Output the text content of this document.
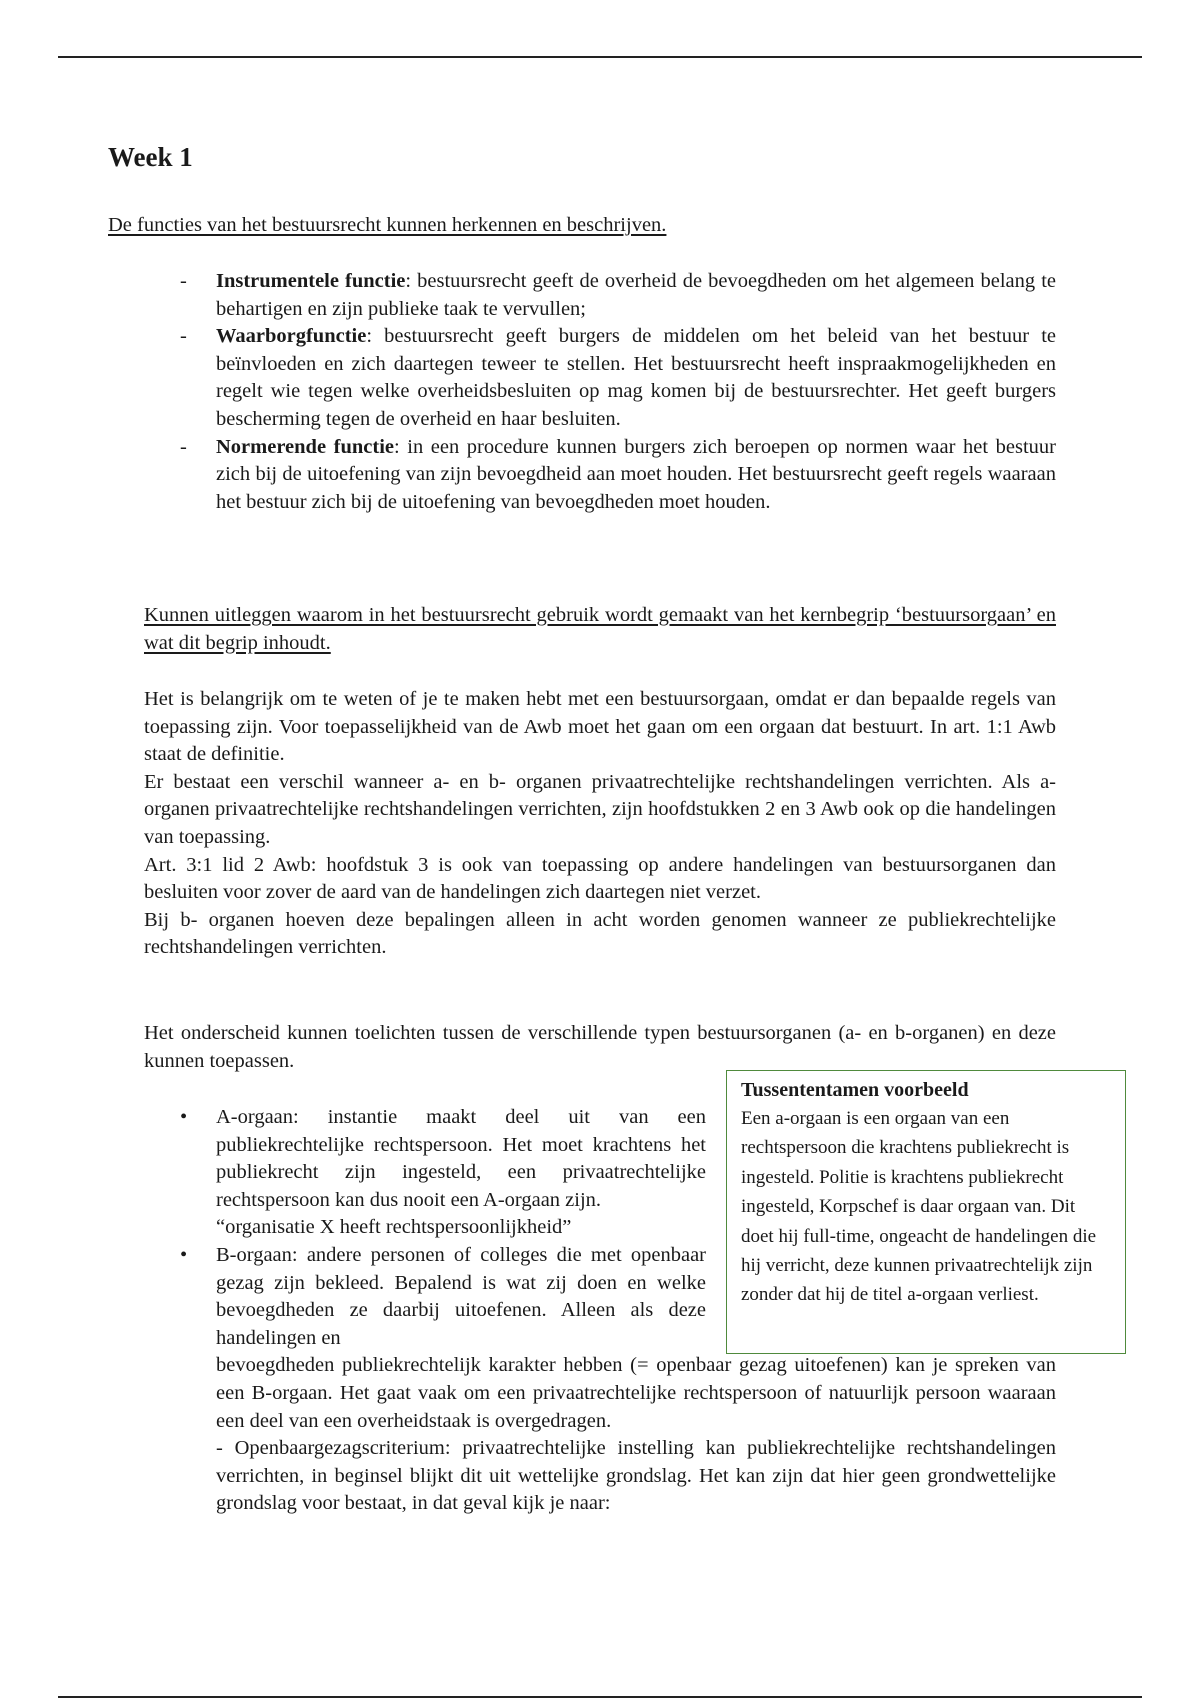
Week 1

De functies van het bestuursrecht kunnen herkennen en beschrijven.

- Instrumentele functie: bestuursrecht geeft de overheid de bevoegdheden om het algemeen belang te behartigen en zijn publieke taak te vervullen;
- Waarborgfunctie: bestuursrecht geeft burgers de middelen om het beleid van het bestuur te beïnvloeden en zich daartegen teweer te stellen. Het bestuursrecht heeft inspraakmogelijkheden en regelt wie tegen welke overheidsbesluiten op mag komen bij de bestuursrechter. Het geeft burgers bescherming tegen de overheid en haar besluiten.
- Normerende functie: in een procedure kunnen burgers zich beroepen op normen waar het bestuur zich bij de uitoefening van zijn bevoegdheid aan moet houden. Het bestuursrecht geeft regels waaraan het bestuur zich bij de uitoefening van bevoegdheden moet houden.

Kunnen uitleggen waarom in het bestuursrecht gebruik wordt gemaakt van het kernbegrip ‘bestuursorgaan’ en wat dit begrip inhoudt.

Het is belangrijk om te weten of je te maken hebt met een bestuursorgaan, omdat er dan bepaalde regels van toepassing zijn. Voor toepasselijkheid van de Awb moet het gaan om een orgaan dat bestuurt. In art. 1:1 Awb staat de definitie.

Er bestaat een verschil wanneer a- en b- organen privaatrechtelijke rechtshandelingen verrichten. Als a-organen privaatrechtelijke rechtshandelingen verrichten, zijn hoofdstukken 2 en 3 Awb ook op die handelingen van toepassing.

Art. 3:1 lid 2 Awb: hoofdstuk 3 is ook van toepassing op andere handelingen van bestuursorganen dan besluiten voor zover de aard van de handelingen zich daartegen niet verzet.

Bij b- organen hoeven deze bepalingen alleen in acht worden genomen wanneer ze publiekrechtelijke rechtshandelingen verrichten.

Het onderscheid kunnen toelichten tussen de verschillende typen bestuursorganen (a- en b-organen) en deze kunnen toepassen.

• A-orgaan: instantie maakt deel uit van een publiekrechtelijke rechtspersoon. Het moet krachtens het publiekrecht zijn ingesteld, een privaatrechtelijke rechtspersoon kan dus nooit een A-orgaan zijn.

“organisatie X heeft rechtspersoonlijkheid”

• B-orgaan: andere personen of colleges die met openbaar gezag zijn bekleed. Bepalend is wat zij doen en welke bevoegdheden ze daarbij uitoefenen. Alleen als deze handelingen en

bevoegdheden publiekrechtelijk karakter hebben (= openbaar gezag uitoefenen) kan je spreken van een B-orgaan. Het gaat vaak om een privaatrechtelijke rechtspersoon of natuurlijk persoon waaraan een deel van een overheidstaak is overgedragen.

- Openbaargezagscriterium: privaatrechtelijke instelling kan publiekrechtelijke rechtshandelingen verrichten, in beginsel blijkt dit uit wettelijke grondslag. Het kan zijn dat hier geen grondwettelijke grondslag voor bestaat, in dat geval kijk je naar:

Tussententamen voorbeeld

Een a-orgaan is een orgaan van een rechtspersoon die krachtens publiekrecht is ingesteld. Politie is krachtens publiekrecht ingesteld, Korpschef is daar orgaan van. Dit doet hij full-time, ongeacht de handelingen die hij verricht, deze kunnen privaatrechtelijk zijn zonder dat hij de titel a-orgaan verliest.
